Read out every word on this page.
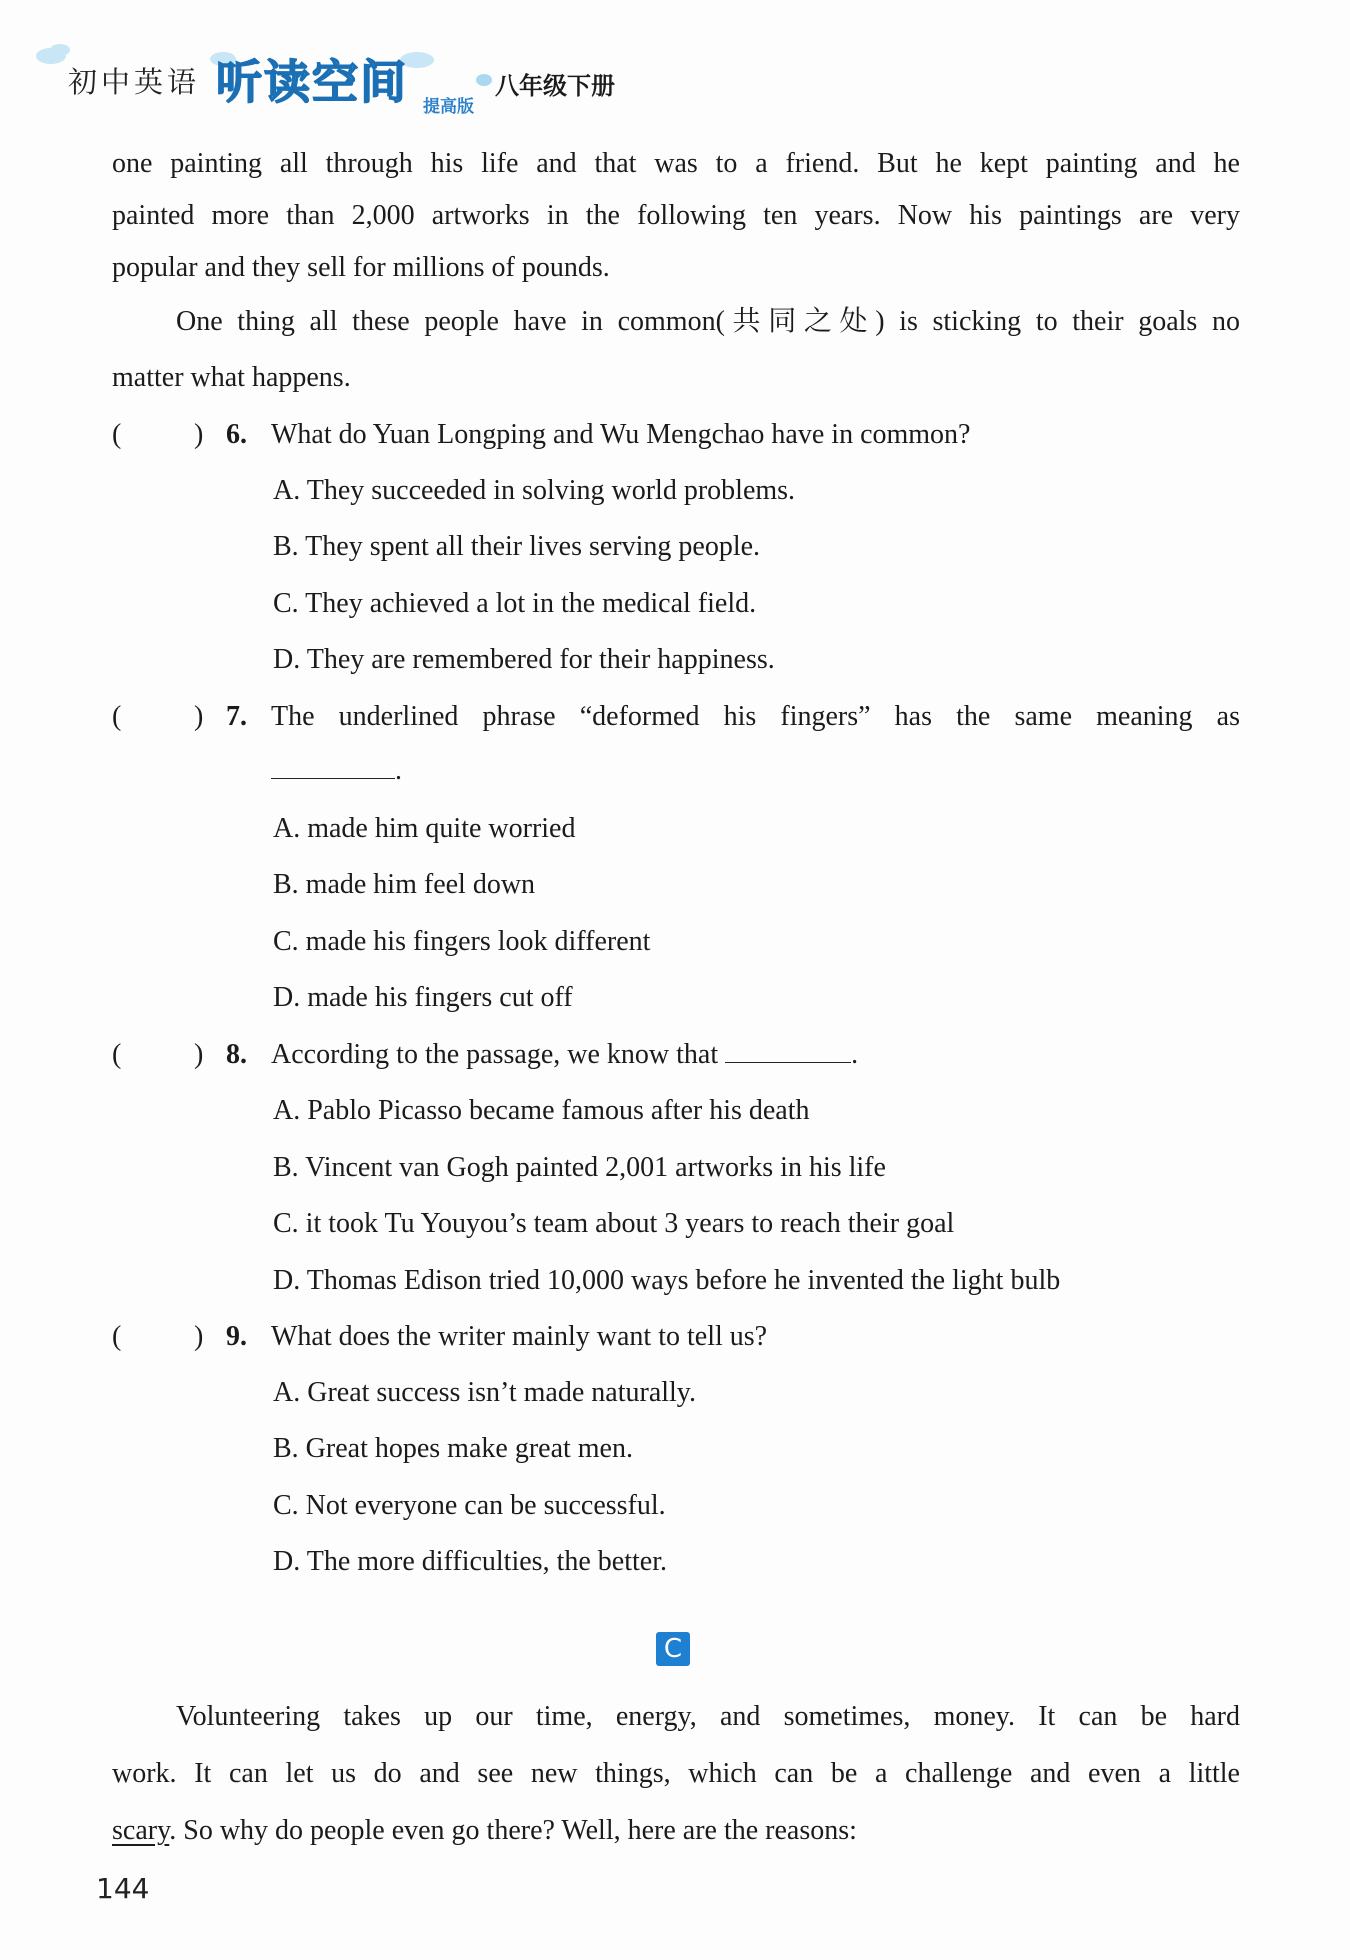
初中英语 听读空间 提高版
八年级下册
one painting all through his life and that was to a friend. But he kept painting and he
painted more than 2,000 artworks in the following ten years. Now his paintings are very
popular and they sell for millions of pounds.
One thing all these people have in common(共同之处) is sticking to their goals no
matter what happens.
(	) 6. What do Yuan Longping and Wu Mengchao have in common?
A. They succeeded in solving world problems.
B. They spent all their lives serving people.
C. They achieved a lot in the medical field.
D. They are remembered for their happiness.
(	) 7. The underlined phrase “deformed his fingers” has the same meaning as
.
A. made him quite worried
B. made him feel down
C. made his fingers look different
D. made his fingers cut off
(	) 8. According to the passage, we know that	.
A. Pablo Picasso became famous after his death
B. Vincent van Gogh painted 2,001 artworks in his life
C. it took Tu Youyou’s team about 3 years to reach their goal
D. Thomas Edison tried 10,000 ways before he invented the light bulb
(	) 9. What does the writer mainly want to tell us?
A. Great success isn’t made naturally.
B. Great hopes make great men.
C. Not everyone can be successful.
D. The more difficulties, the better.
C
Volunteering takes up our time, energy, and sometimes, money. It can be hard
work. It can let us do and see new things, which can be a challenge and even a little
scary. So why do people even go there? Well, here are the reasons:
144
